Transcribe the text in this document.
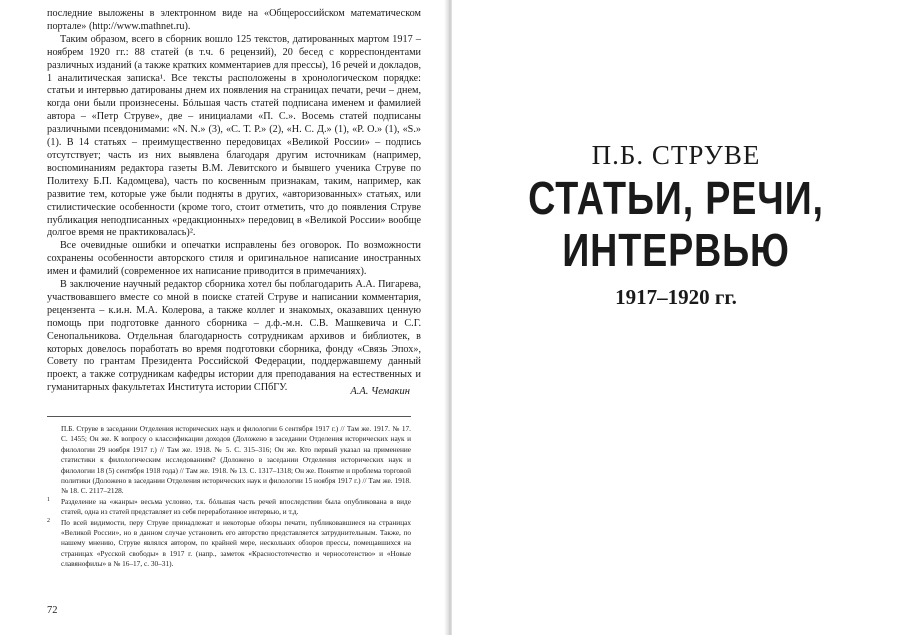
последние выложены в электронном виде на «Общероссийском математическом портале» (http://www.mathnet.ru).

Таким образом, всего в сборник вошло 125 текстов, датированных мартом 1917 – ноябрем 1920 гг.: 88 статей (в т.ч. 6 рецензий), 20 бесед с корреспондентами различных изданий (а также кратких комментариев для прессы), 16 речей и докладов, 1 аналитическая записка¹. Все тексты расположены в хронологическом порядке: статьи и интервью датированы днем их появления на страницах печати, речи – днем, когда они были произнесены. Бóльшая часть статей подписана именем и фамилией автора – «Петр Струве», две – инициалами «П. С.». Восемь статей подписаны различными псевдонимами: «N. N.» (3), «С. Т. Р.» (2), «Н. С. Д.» (1), «Р. О.» (1), «S.» (1). В 14 статьях – преимущественно передовицах «Великой России» – подпись отсутствует; часть из них выявлена благодаря другим источникам (например, воспоминаниям редактора газеты В.М. Левитского и бывшего ученика Струве по Политеху Б.П. Кадомцева), часть по косвенным признакам, таким, например, как развитие тем, которые уже были подняты в других, «авторизованных» статьях, или стилистические особенности (кроме того, стоит отметить, что до появления Струве публикация неподписанных «редакционных» передовиц в «Великой России» вообще долгое время не практиковалась)².

Все очевидные ошибки и опечатки исправлены без оговорок. По возможности сохранены особенности авторского стиля и оригинальное написание иностранных имен и фамилий (современное их написание приводится в примечаниях).

В заключение научный редактор сборника хотел бы поблагодарить А.А. Пигарева, участвовавшего вместе со мной в поиске статей Струве и написании комментария, рецензента – к.и.н. М.А. Колерова, а также коллег и знакомых, оказавших ценную помощь при подготовке данного сборника – д.ф.-м.н. С.В. Машкевича и С.Г. Сенопальникова. Отдельная благодарность сотрудникам архивов и библиотек, в которых довелось поработать во время подготовки сборника, фонду «Связь Эпох», Совету по грантам Президента Российской Федерации, поддержавшему данный проект, а также сотрудникам кафедры истории для преподавания на естественных и гуманитарных факультетах Института истории СПбГУ.	А.А. Чемакин

П.Б. Струве в заседании Отделения исторических наук и филологии 6 сентября 1917 г.) // Там же. 1917. № 17. С. 1455; Он же. К вопросу о классификации доходов (Доложено в заседании Отделения исторических наук и филологии 29 ноября 1917 г.) // Там же. 1918. № 5. С. 315–316; Он же. Кто первый указал на применение статистики к филологическим исследованиям? (Доложено в заседании Отделения исторических наук и филологии 18 (5) сентября 1918 года) // Там же. 1918. № 13. С. 1317–1318; Он же. Понятие и проблема торговой политики (Доложено в заседании Отделения исторических наук и филологии 15 ноября 1917 г.) // Там же. 1918. № 18. С. 2117–2128.

1 Разделение на «жанры» весьма условно, т.к. бóльшая часть речей впоследствии была опубликована в виде статей, одна из статей представляет из себя переработанное интервью, и т.д.

2 По всей видимости, перу Струве принадлежат и некоторые обзоры печати, публиковавшиеся на страницах «Великой России», но в данном случае установить его авторство представляется затруднительным. Также, по нашему мнению, Струве являлся автором, по крайней мере, нескольких обзоров прессы, помещавшихся на страницах «Русской свободы» в 1917 г. (напр., заметок «Красностотечество и черносотенство» и «Новые славянофилы» в № 16–17, с. 30–31).

72
П.Б. СТРУВЕ
СТАТЬИ, РЕЧИ,
ИНТЕРВЬЮ
1917–1920 гг.
